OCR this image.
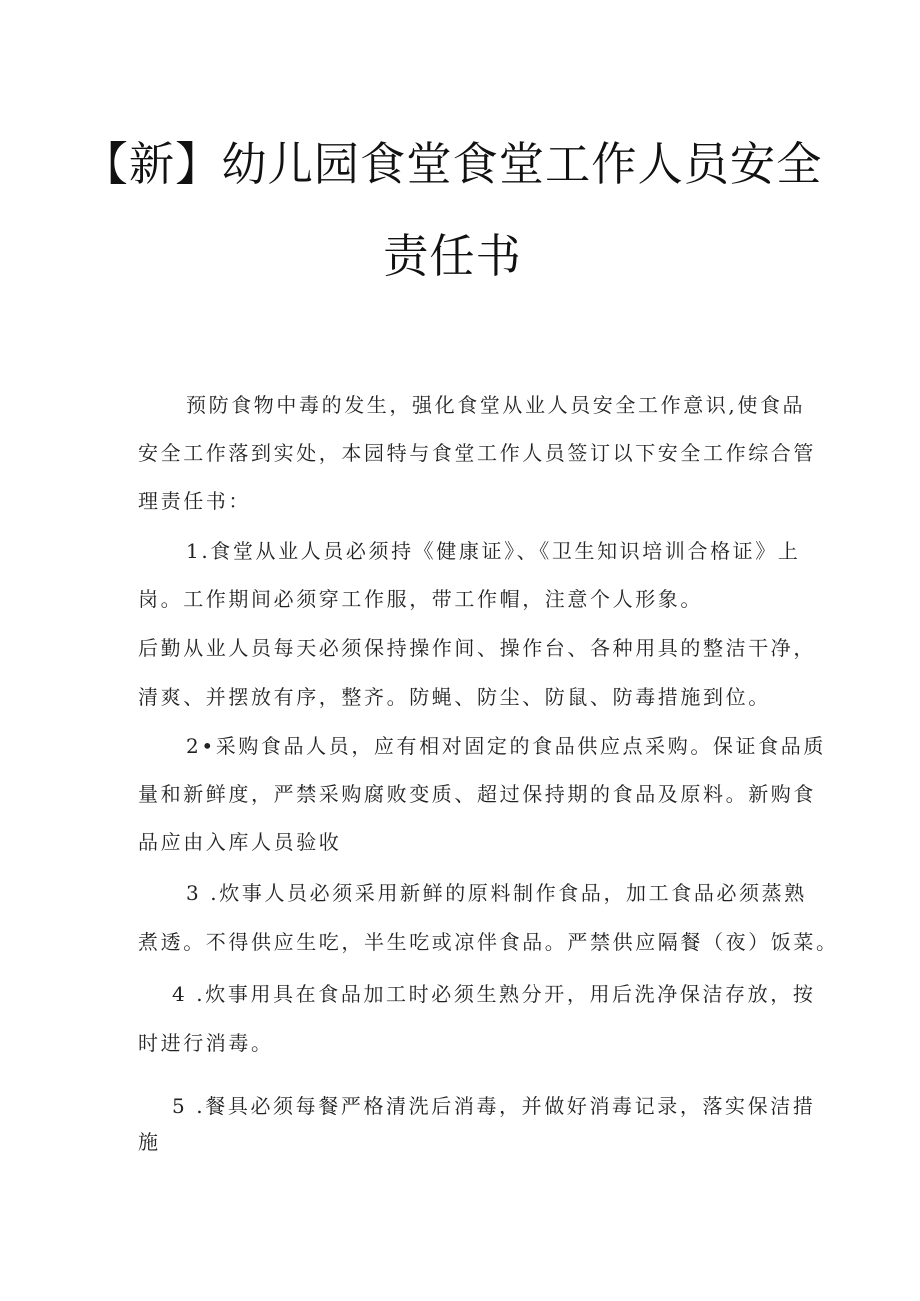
【新】幼儿园食堂食堂工作人员安全
责任书
预防食物中毒的发生，强化食堂从业人员安全工作意识,使食品
安全工作落到实处，本园特与食堂工作人员签订以下安全工作综合管
理责任书：
1.食堂从业人员必须持《健康证》、《卫生知识培训合格证》上
岗。工作期间必须穿工作服，带工作帽，注意个人形象。
后勤从业人员每天必须保持操作间、操作台、各种用具的整洁干净，
清爽、并摆放有序，整齐。防蝇、防尘、防鼠、防毒措施到位。
2•采购食品人员，应有相对固定的食品供应点采购。保证食品质
量和新鲜度，严禁采购腐败变质、超过保持期的食品及原料。新购食
品应由入库人员验收
3 .炊事人员必须采用新鲜的原料制作食品，加工食品必须蒸熟
煮透。不得供应生吃，半生吃或凉伴食品。严禁供应隔餐（夜）饭菜。
4 .炊事用具在食品加工时必须生熟分开，用后洗净保洁存放，按
时进行消毒。
5 .餐具必须每餐严格清洗后消毒，并做好消毒记录，落实保洁措
施
